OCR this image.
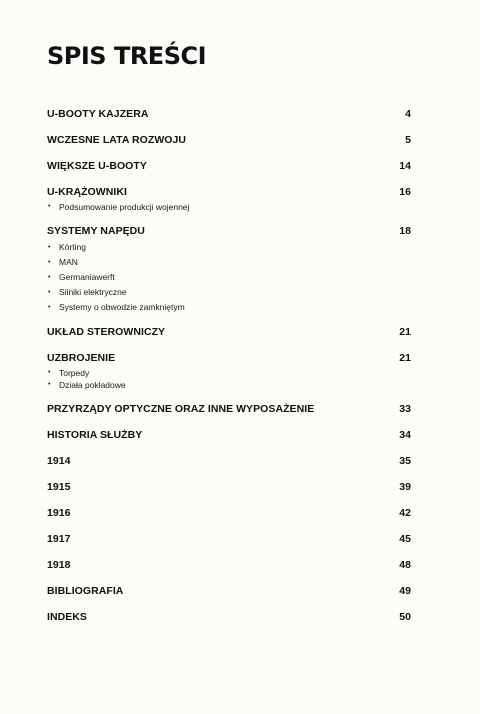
SPIS TREŚCI
U-BOOTY KAJZERA	4
WCZESNE LATA ROZWOJU	5
WIĘKSZE U-BOOTY	14
U-KRĄŻOWNIKI	16
• Podsumowanie produkcji wojennej
SYSTEMY NAPĘDU	18
• Körting
• MAN
• Germaniawerft
• Silniki elektryczne
• Systemy o obwodzie zamkniętym
UKŁAD STEROWNICZY	21
UZBROJENIE	21
• Torpedy
• Działa pokładowe
PRZYRZĄDY OPTYCZNE ORAZ INNE WYPOSAŻENIE	33
HISTORIA SŁUŻBY	34
1914	35
1915	39
1916	42
1917	45
1918	48
BIBLIOGRAFIA	49
INDEKS	50
